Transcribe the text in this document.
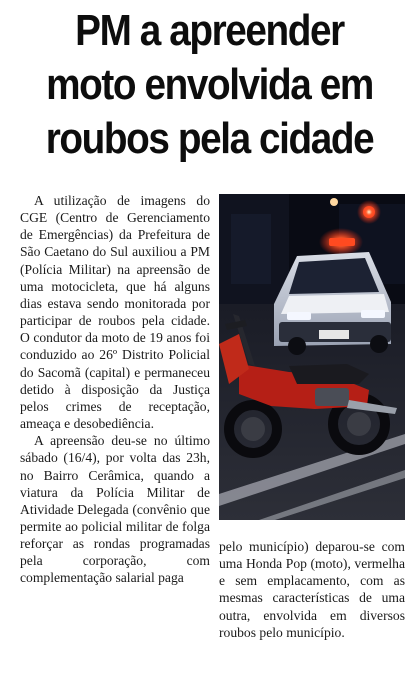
PM a apreender
moto envolvida em
roubos pela cidade

A utilização de imagens do CGE (Centro de Gerenciamento de Emergências) da Prefeitura de São Caetano do Sul auxiliou a PM (Polícia Militar) na apreensão de uma motocicleta, que há alguns dias estava sendo monitorada por participar de roubos pela cidade. O condutor da moto de 19 anos foi conduzido ao 26º Distrito Policial do Sacomã (capital) e permaneceu detido à disposição da Justiça pelos crimes de receptação, ameaça e desobediência.

A apreensão deu-se no último sábado (16/4), por volta das 23h, no Bairro Cerâmica, quando a viatura da Polícia Militar de Atividade Delegada (convênio que permite ao policial militar de folga reforçar as rondas programadas pela corporação, com complementação salarial paga

pelo município) deparou-se com uma Honda Pop (moto), vermelha e sem emplacamento, com as mesmas características de uma outra, envolvida em diversos roubos pelo município.
